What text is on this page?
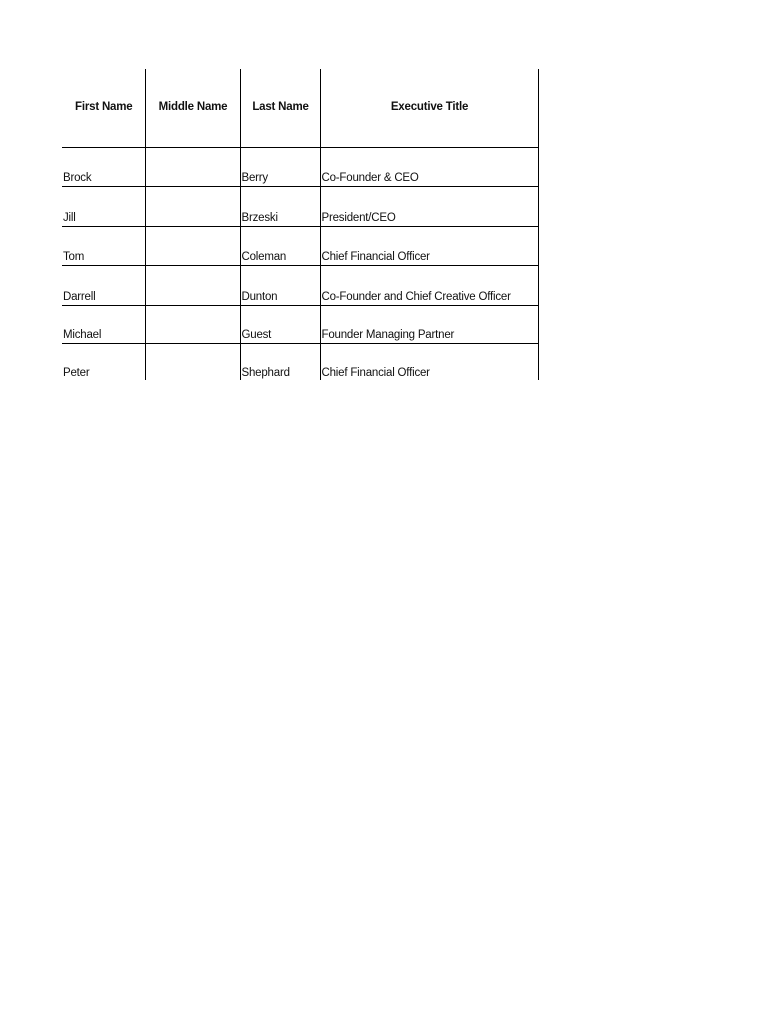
First Name	Middle Name	Last Name	Executive Title
Brock		Berry	Co-Founder & CEO
Jill		Brzeski	President/CEO
Tom		Coleman	Chief Financial Officer
Darrell		Dunton	Co-Founder and Chief Creative Officer
Michael		Guest	Founder Managing Partner
Peter		Shephard	Chief Financial Officer
